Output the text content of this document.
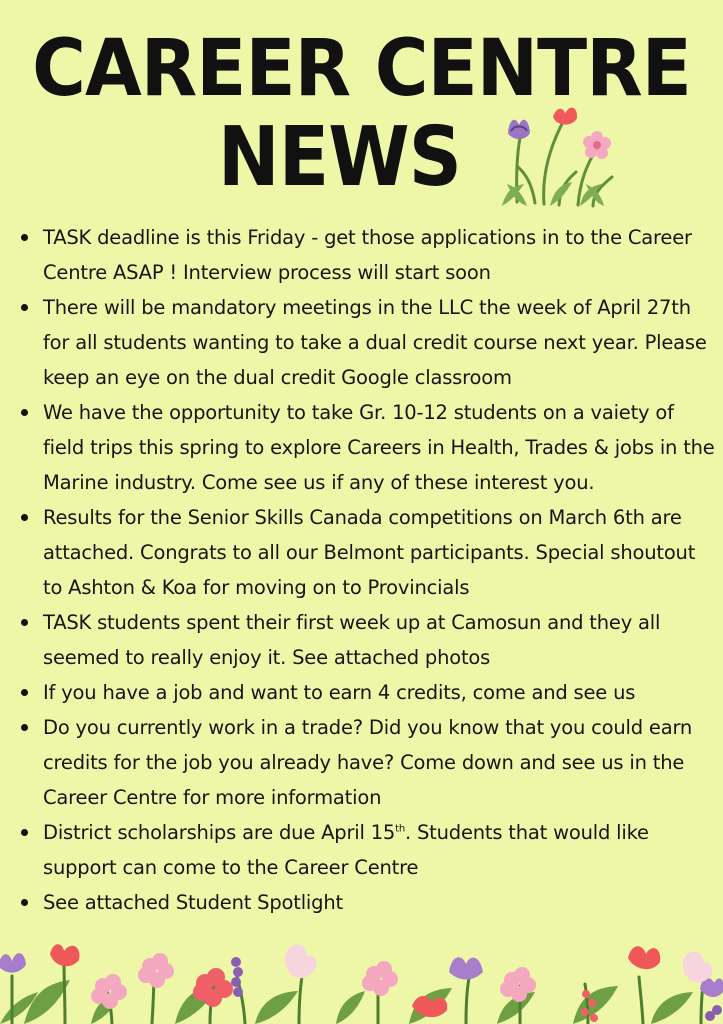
CAREER CENTRE
NEWS
TASK deadline is this Friday - get those applications in to the Career Centre ASAP ! Interview process will start soon
There will be mandatory meetings in the LLC the week of April 27th for all students wanting to take a dual credit course next year. Please keep an eye on the dual credit Google classroom
We have the opportunity to take Gr. 10-12 students on a vaiety of field trips this spring to explore Careers in Health, Trades & jobs in the Marine industry. Come see us if any of these interest you.
Results for the Senior Skills Canada competitions on March 6th are attached. Congrats to all our Belmont participants. Special shoutout to Ashton & Koa for moving on to Provincials
TASK students spent their first week up at Camosun and they all seemed to really enjoy it. See attached photos
If you have a job and want to earn 4 credits, come and see us
Do you currently work in a trade? Did you know that you could earn credits for the job you already have? Come down and see us in the Career Centre for more information
District scholarships are due April 15th. Students that would like support can come to the Career Centre
See attached Student Spotlight
